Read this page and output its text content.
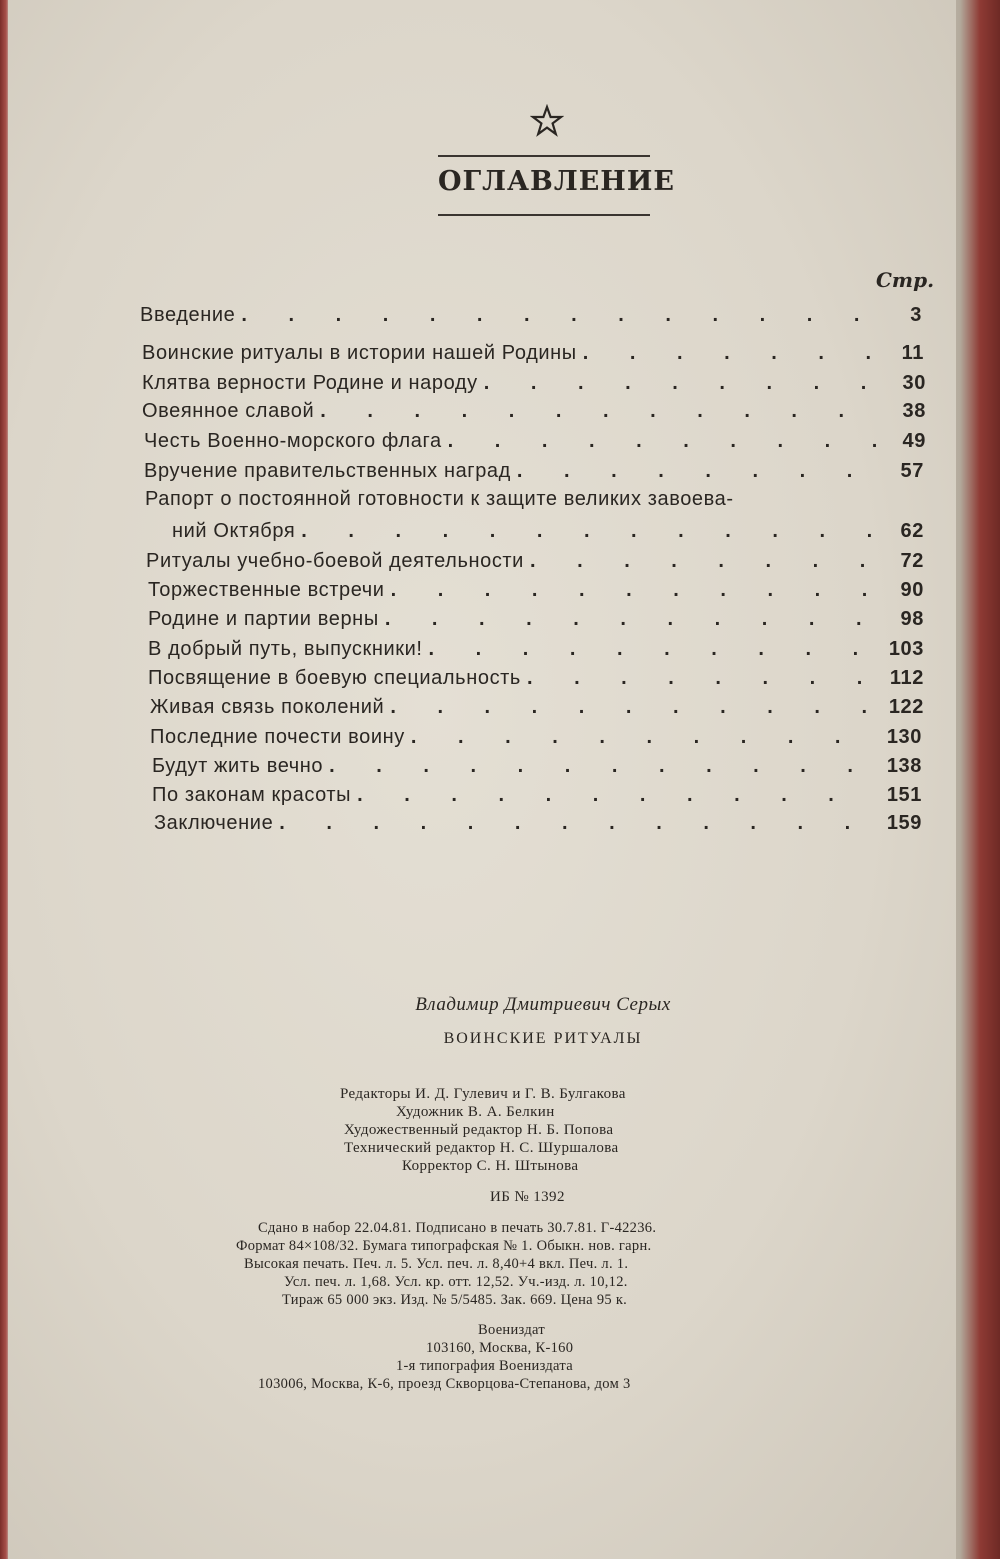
ОГЛАВЛЕНИЕ
Стр.
Введение . . .	3
Воинские ритуалы в истории нашей Родины . . .	11
Клятва верности Родине и народу . . .	30
Овеянное славой . . .	38
Честь Военно-морского флага . . .	49
Вручение правительственных наград . . .	57
Рапорт о постоянной готовности к защите великих завоева-
ний Октября . . .	62
Ритуалы учебно-боевой деятельности . . .	72
Торжественные встречи . . .	90
Родине и партии верны . . .	98
В добрый путь, выпускники! . . .	103
Посвящение в боевую специальность . . .	112
Живая связь поколений . . .	122
Последние почести воину . . .	130
Будут жить вечно . . .	138
По законам красоты . . .	151
Заключение . . .	159
Владимир Дмитриевич Серых
ВОИНСКИЕ РИТУАЛЫ
Редакторы И. Д. Гулевич и Г. В. Булгакова
Художник В. А. Белкин
Художественный редактор Н. Б. Попова
Технический редактор Н. С. Шуршалова
Корректор С. Н. Штынова
ИБ № 1392
Сдано в набор 22.04.81. Подписано в печать 30.7.81. Г-42236.
Формат 84×108/32. Бумага типографская № 1. Обыкн. нов. гарн.
Высокая печать. Печ. л. 5. Усл. печ. л. 8,40+4 вкл. Печ. л. 1.
Усл. печ. л. 1,68. Усл. кр. отт. 12,52. Уч.-изд. л. 10,12.
Тираж 65 000 экз. Изд. № 5/5485. Зак. 669. Цена 95 к.
Воениздат
103160, Москва, К-160
1-я типография Воениздата
103006, Москва, К-6, проезд Скворцова-Степанова, дом 3
